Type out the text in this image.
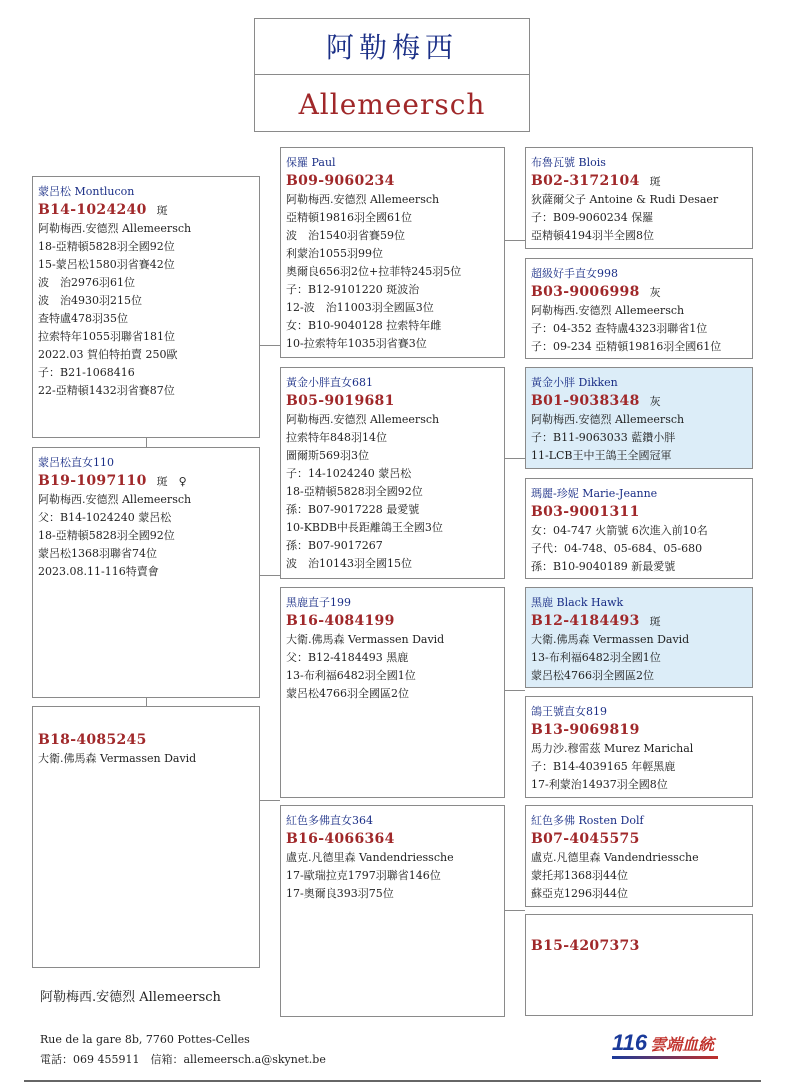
阿勒梅西
Allemeersch
蒙呂松 Montlucon
B14-1024240 斑
阿勒梅西.安德烈 Allemeersch
18-亞精頓5828羽全國92位
15-蒙呂松1580羽省賽42位
波　治2976羽61位
波　治4930羽215位
查特盧478羽35位
拉索特年1055羽聯省181位
2022.03 賀伯特拍賣 250歐
子：B21-1068416
22-亞精頓1432羽省賽87位
蒙呂松直女110
B19-1097110 斑　♀
阿勒梅西.安德烈 Allemeersch
父：B14-1024240 蒙呂松
18-亞精頓5828羽全國92位
蒙呂松1368羽聯省74位
2023.08.11-116特賣會
B18-4085245
大衛.佛馬森 Vermassen David
保羅 Paul
B09-9060234
阿勒梅西.安德烈 Allemeersch
亞精頓19816羽全國61位
波　治1540羽省賽59位
利蒙治1055羽99位
奧爾良656羽2位+拉菲特245羽5位
子：B12-9101220 斑波治
12-波　治11003羽全國區3位
女：B10-9040128 拉索特年雌
10-拉索特年1035羽省賽3位
黃金小胖直女681
B05-9019681
阿勒梅西.安德烈 Allemeersch
拉索特年848羽14位
圖爾斯569羽3位
子：14-1024240 蒙呂松
18-亞精頓5828羽全國92位
孫：B07-9017228 最愛號
10-KBDB中長距離鴿王全國3位
孫：B07-9017267
波　治10143羽全國15位
黑鹿直子199
B16-4084199
大衛.佛馬森 Vermassen David
父：B12-4184493 黑鹿
13-布利福6482羽全國1位
蒙呂松4766羽全國區2位
紅色多佛直女364
B16-4066364
盧克.凡德里森 Vandendriessche
17-歐瑞拉克1797羽聯省146位
17-奧爾良393羽75位
布魯瓦號 Blois
B02-3172104 斑
狄薩爾父子 Antoine & Rudi Desaer
子：B09-9060234 保羅
亞精頓4194羽半全國8位
超級好手直女998
B03-9006998 灰
阿勒梅西.安德烈 Allemeersch
子：04-352 查特盧4323羽聯省1位
子：09-234 亞精頓19816羽全國61位
黃金小胖 Dikken
B01-9038348 灰
阿勒梅西.安德烈 Allemeersch
子：B11-9063033 藍鑽小胖
11-LCB王中王鴿王全國冠軍
瑪麗-珍妮 Marie-Jeanne
B03-9001311
女：04-747 火箭號 6次進入前10名
子代：04-748、05-684、05-680
孫：B10-9040189 新最愛號
黑鹿 Black Hawk
B12-4184493 斑
大衛.佛馬森 Vermassen David
13-布利福6482羽全國1位
蒙呂松4766羽全國區2位
鴿王號直女819
B13-9069819
馬力沙.穆雷茲 Murez Marichal
子：B14-4039165 年輕黑鹿
17-利蒙治14937羽全國8位
紅色多佛 Rosten Dolf
B07-4045575
盧克.凡德里森 Vandendriessche
蒙托邦1368羽44位
蘇亞克1296羽44位
B15-4207373
阿勒梅西.安德烈 Allemeersch
Rue de la gare 8b, 7760 Pottes-Celles
電話：069 455911　信箱：allemeersch.a@skynet.be
116 雲端血統
